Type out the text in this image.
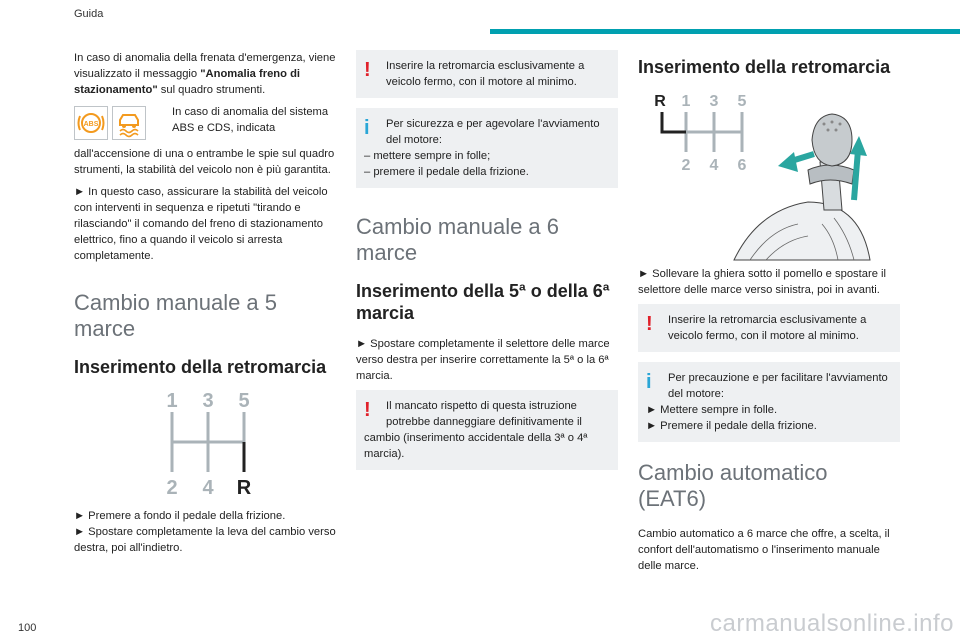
Guida

In caso di anomalia della frenata d'emergenza, viene visualizzato il messaggio "Anomalia freno di stazionamento" sul quadro strumenti.

ABS
In caso di anomalia del sistema ABS e CDS, indicata

dall'accensione di una o entrambe le spie sul quadro strumenti, la stabilità del veicolo non è più garantita.

► In questo caso, assicurare la stabilità del veicolo con interventi in sequenza e ripetuti "tirando e rilasciando" il comando del freno di stazionamento elettrico, fino a quando il veicolo si arresta completamente.

Cambio manuale a 5 marce
Inserimento della retromarcia
1 3 5
2 4 R

► Premere a fondo il pedale della frizione.

► Spostare completamente la leva del cambio verso destra, poi all'indietro.

! Inserire la retromarcia esclusivamente a veicolo fermo, con il motore al minimo.

i Per sicurezza e per agevolare l'avviamento del motore:

– mettere sempre in folle;

– premere il pedale della frizione.

Cambio manuale a 6 marce
Inserimento della 5ª o della 6ª marcia

► Spostare completamente il selettore delle marce verso destra per inserire correttamente la 5ª o la 6ª marcia.

! Il mancato rispetto di questa istruzione potrebbe danneggiare definitivamente il

cambio (inserimento accidentale della 3ª o 4ª marcia).

Inserimento della retromarcia
R 1 3 5
2 4 6

► Sollevare la ghiera sotto il pomello e spostare il selettore delle marce verso sinistra, poi in avanti.

! Inserire la retromarcia esclusivamente a veicolo fermo, con il motore al minimo.

i Per precauzione e per facilitare l'avviamento del motore:

► Mettere sempre in folle.

► Premere il pedale della frizione.

Cambio automatico (EAT6)

Cambio automatico a 6 marce che offre, a scelta, il confort dell'automatismo o l'inserimento manuale delle marce.

100	carmanualsonline.info
